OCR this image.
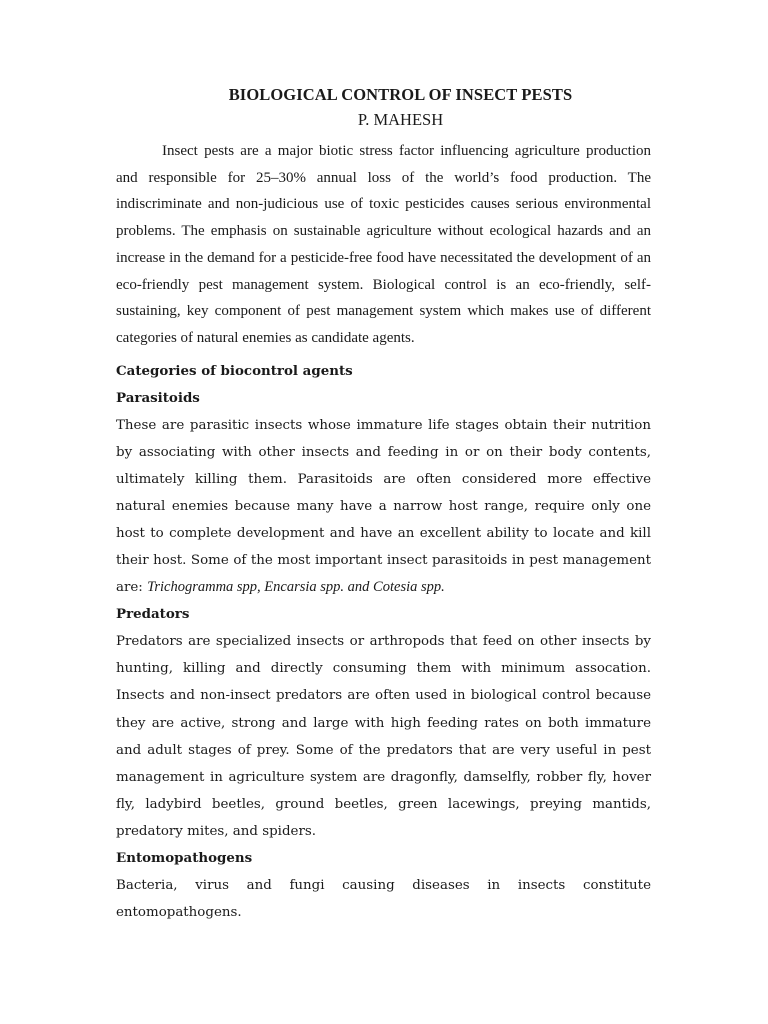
BIOLOGICAL CONTROL OF INSECT PESTS
P. MAHESH

Insect pests are a major biotic stress factor influencing agriculture production and responsible for 25–30% annual loss of the world’s food production. The indiscriminate and non-judicious use of toxic pesticides causes serious environmental problems. The emphasis on sustainable agriculture without ecological hazards and an increase in the demand for a pesticide-free food have necessitated the development of an eco-friendly pest management system. Biological control is an eco-friendly, self-sustaining, key component of pest management system which makes use of different categories of natural enemies as candidate agents.

Categories of biocontrol agents
Parasitoids

These are parasitic insects whose immature life stages obtain their nutrition by associating with other insects and feeding in or on their body contents, ultimately killing them. Parasitoids are often considered more effective natural enemies because many have a narrow host range, require only one host to complete development and have an excellent ability to locate and kill their host. Some of the most important insect parasitoids in pest management are: Trichogramma spp, Encarsia spp. and Cotesia spp.

Predators

Predators are specialized insects or arthropods that feed on other insects by hunting, killing and directly consuming them with minimum assocation. Insects and non-insect predators are often used in biological control because they are active, strong and large with high feeding rates on both immature and adult stages of prey. Some of the predators that are very useful in pest management in agriculture system are dragonfly, damselfly, robber fly, hover fly, ladybird beetles, ground beetles, green lacewings, preying mantids, predatory mites, and spiders.

Entomopathogens

Bacteria, virus and fungi causing diseases in insects constitute entomopathogens.
